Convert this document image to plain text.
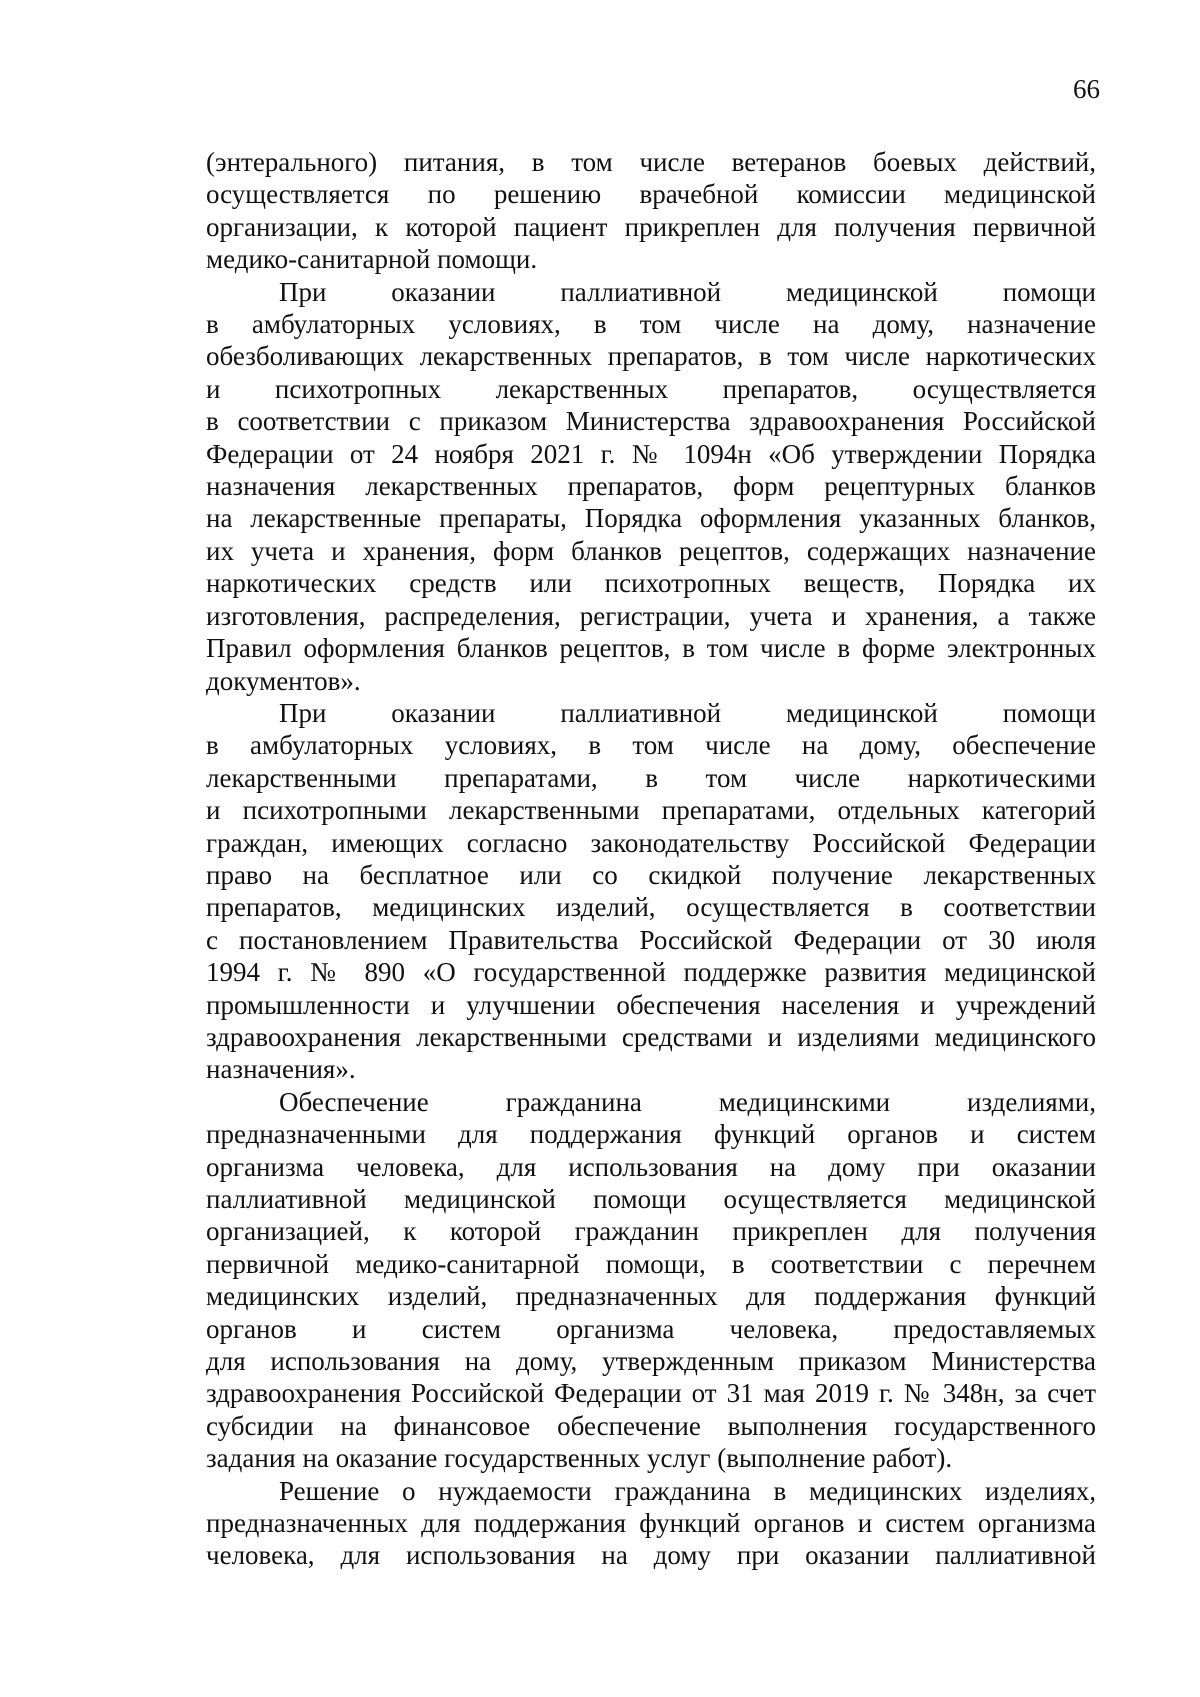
66
(энтерального) питания, в том числе ветеранов боевых действий,
осуществляется по решению врачебной комиссии медицинской
организации, к которой пациент прикреплен для получения первичной
медико-санитарной помощи.
При оказании паллиативной медицинской помощи
в амбулаторных условиях, в том числе на дому, назначение
обезболивающих лекарственных препаратов, в том числе наркотических
и психотропных лекарственных препаратов, осуществляется
в соответствии с приказом Министерства здравоохранения Российской
Федерации от 24 ноября 2021 г. № 1094н «Об утверждении Порядка
назначения лекарственных препаратов, форм рецептурных бланков
на лекарственные препараты, Порядка оформления указанных бланков,
их учета и хранения, форм бланков рецептов, содержащих назначение
наркотических средств или психотропных веществ, Порядка их
изготовления, распределения, регистрации, учета и хранения, а также
Правил оформления бланков рецептов, в том числе в форме электронных
документов».
При оказании паллиативной медицинской помощи
в амбулаторных условиях, в том числе на дому, обеспечение
лекарственными препаратами, в том числе наркотическими
и психотропными лекарственными препаратами, отдельных категорий
граждан, имеющих согласно законодательству Российской Федерации
право на бесплатное или со скидкой получение лекарственных
препаратов, медицинских изделий, осуществляется в соответствии
с постановлением Правительства Российской Федерации от 30 июля
1994 г. № 890 «О государственной поддержке развития медицинской
промышленности и улучшении обеспечения населения и учреждений
здравоохранения лекарственными средствами и изделиями медицинского
назначения».
Обеспечение гражданина медицинскими изделиями,
предназначенными для поддержания функций органов и систем
организма человека, для использования на дому при оказании
паллиативной медицинской помощи осуществляется медицинской
организацией, к которой гражданин прикреплен для получения
первичной медико-санитарной помощи, в соответствии с перечнем
медицинских изделий, предназначенных для поддержания функций
органов и систем организма человека, предоставляемых
для использования на дому, утвержденным приказом Министерства
здравоохранения Российской Федерации от 31 мая 2019 г. № 348н, за счет
субсидии на финансовое обеспечение выполнения государственного
задания на оказание государственных услуг (выполнение работ).
Решение о нуждаемости гражданина в медицинских изделиях,
предназначенных для поддержания функций органов и систем организма
человека, для использования на дому при оказании паллиативной
